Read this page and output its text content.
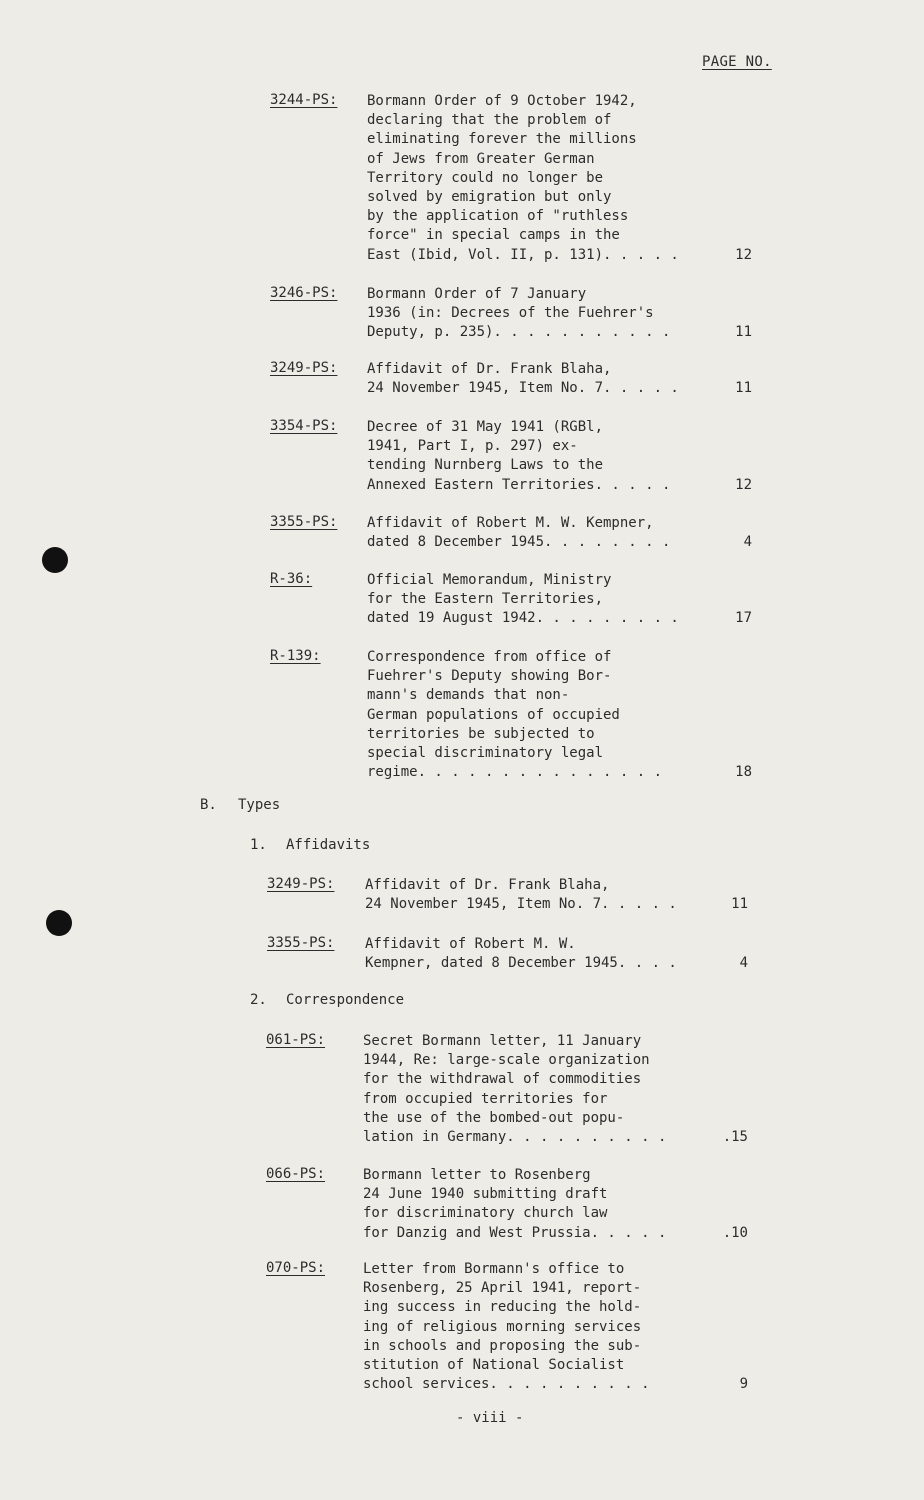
PAGE NO.
3244-PS: Bormann Order of 9 October 1942,
declaring that the problem of
eliminating forever the millions
of Jews from Greater German
Territory could no longer be
solved by emigration but only
by the application of "ruthless
force" in special camps in the
East (Ibid, Vol. II, p. 131). . . . .	12
3246-PS: Bormann Order of 7 January
1936 (in: Decrees of the Fuehrer's
Deputy, p. 235). . . . . . . . . . .	11
3249-PS: Affidavit of Dr. Frank Blaha,
24 November 1945, Item No. 7. . . . .	11
3354-PS: Decree of 31 May 1941 (RGBl,
1941, Part I, p. 297) ex-
tending Nurnberg Laws to the
Annexed Eastern Territories. . . . .	12
3355-PS: Affidavit of Robert M. W. Kempner,
dated 8 December 1945. . . . . . . .	4
R-36:	Official Memorandum, Ministry
for the Eastern Territories,
dated 19 August 1942. . . . . . . . .	17
R-139:	Correspondence from office of
Fuehrer's Deputy showing Bor-
mann's demands that non-
German populations of occupied
territories be subjected to
special discriminatory legal
regime. . . . . . . . . . . . . . .	18
3249-PS: Affidavit of Dr. Frank Blaha,
24 November 1945, Item No. 7. . . . .	11
3355-PS: Affidavit of Robert M. W.
Kempner, dated 8 December 1945. . . .	4
061-PS:	Secret Bormann letter, 11 January
1944, Re: large-scale organization
for the withdrawal of commodities
from occupied territories for
the use of the bombed-out popu-
lation in Germany. . . . . . . . . .	.15
066-PS:	Bormann letter to Rosenberg
24 June 1940 submitting draft
for discriminatory church law
for Danzig and West Prussia. . . . .	.10
070-PS:	Letter from Bormann's office to
Rosenberg, 25 April 1941, report-
ing success in reducing the hold-
ing of religious morning services
in schools and proposing the sub-
stitution of National Socialist
school services. . . . . . . . . .	9
B. Types
1. Affidavits
2. Correspondence
- viii -
